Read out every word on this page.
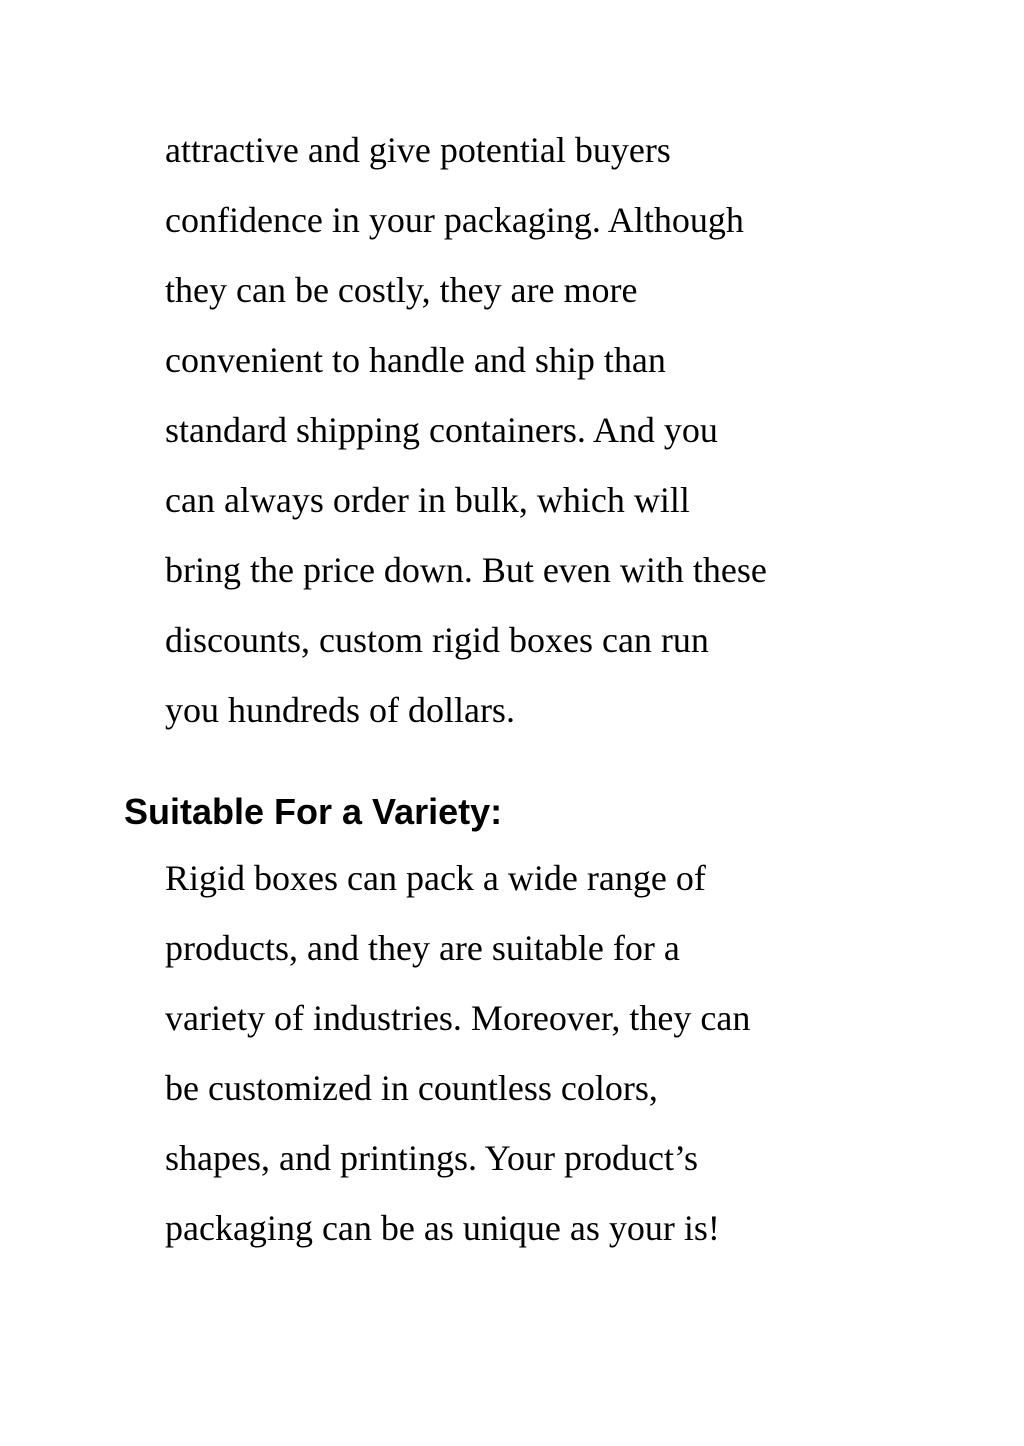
attractive and give potential buyers
confidence in your packaging. Although
they can be costly, they are more
convenient to handle and ship than
standard shipping containers. And you
can always order in bulk, which will
bring the price down. But even with these
discounts, custom rigid boxes can run
you hundreds of dollars.

Suitable For a Variety:

Rigid boxes can pack a wide range of
products, and they are suitable for a
variety of industries. Moreover, they can
be customized in countless colors,
shapes, and printings. Your product’s
packaging can be as unique as your is!
